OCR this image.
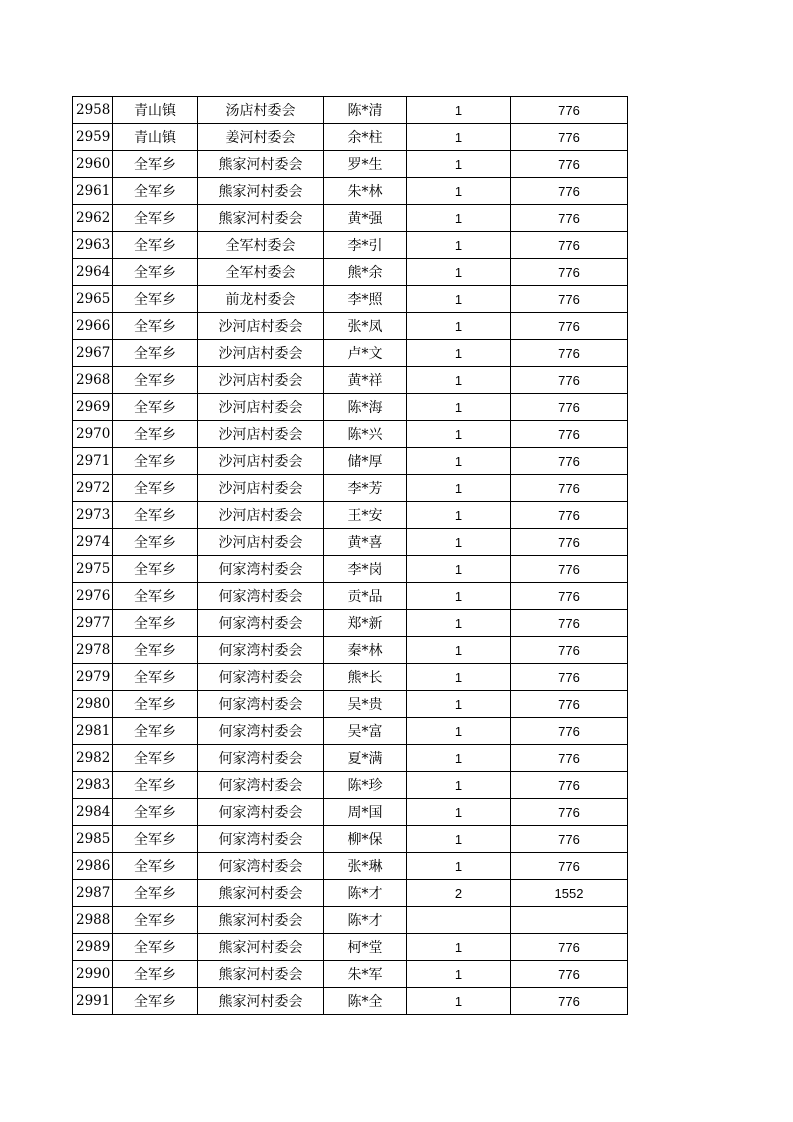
2958	青山镇	汤店村委会	陈*清	1	776
2959	青山镇	姜河村委会	余*柱	1	776
2960	全军乡	熊家河村委会	罗*生	1	776
2961	全军乡	熊家河村委会	朱*林	1	776
2962	全军乡	熊家河村委会	黄*强	1	776
2963	全军乡	全军村委会	李*引	1	776
2964	全军乡	全军村委会	熊*余	1	776
2965	全军乡	前龙村委会	李*照	1	776
2966	全军乡	沙河店村委会	张*凤	1	776
2967	全军乡	沙河店村委会	卢*文	1	776
2968	全军乡	沙河店村委会	黄*祥	1	776
2969	全军乡	沙河店村委会	陈*海	1	776
2970	全军乡	沙河店村委会	陈*兴	1	776
2971	全军乡	沙河店村委会	储*厚	1	776
2972	全军乡	沙河店村委会	李*芳	1	776
2973	全军乡	沙河店村委会	王*安	1	776
2974	全军乡	沙河店村委会	黄*喜	1	776
2975	全军乡	何家湾村委会	李*岗	1	776
2976	全军乡	何家湾村委会	贡*品	1	776
2977	全军乡	何家湾村委会	郑*新	1	776
2978	全军乡	何家湾村委会	秦*林	1	776
2979	全军乡	何家湾村委会	熊*长	1	776
2980	全军乡	何家湾村委会	吴*贵	1	776
2981	全军乡	何家湾村委会	吴*富	1	776
2982	全军乡	何家湾村委会	夏*满	1	776
2983	全军乡	何家湾村委会	陈*珍	1	776
2984	全军乡	何家湾村委会	周*国	1	776
2985	全军乡	何家湾村委会	柳*保	1	776
2986	全军乡	何家湾村委会	张*琳	1	776
2987	全军乡	熊家河村委会	陈*才	2	1552
2988	全军乡	熊家河村委会	陈*才		
2989	全军乡	熊家河村委会	柯*堂	1	776
2990	全军乡	熊家河村委会	朱*军	1	776
2991	全军乡	熊家河村委会	陈*全	1	776
